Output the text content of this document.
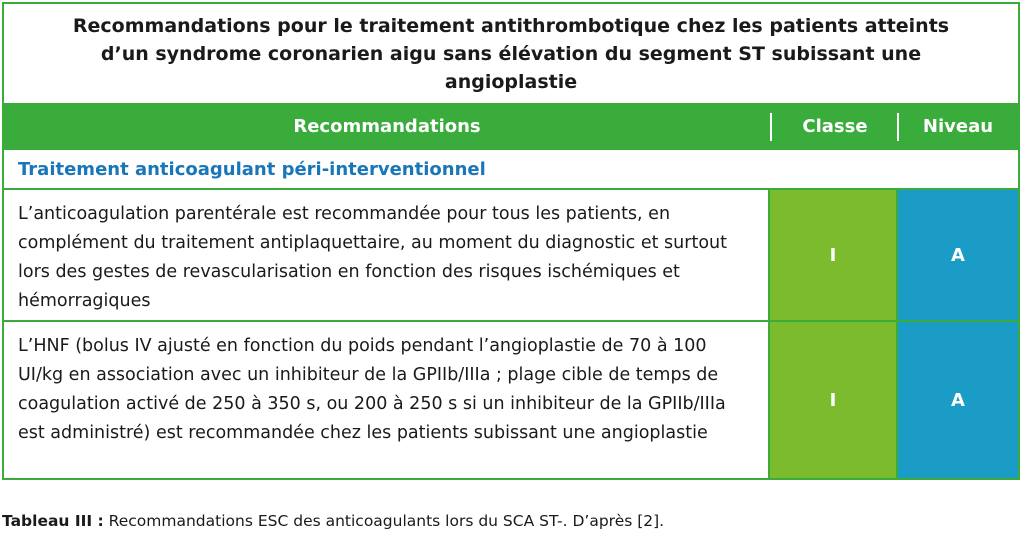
Recommandations pour le traitement antithrombotique chez les patients atteints d’un syndrome coronarien aigu sans élévation du segment ST subissant une angioplastie
Recommandations	Classe	Niveau
Traitement anticoagulant péri-interventionnel
L’anticoagulation parentérale est recommandée pour tous les patients, en complément du traitement antiplaquettaire, au moment du diagnostic et surtout lors des gestes de revascularisation en fonction des risques ischémiques et hémorragiques
I	A
L’HNF (bolus IV ajusté en fonction du poids pendant l’angioplastie de 70 à 100 UI/kg en association avec un inhibiteur de la GPIIb/IIIa ; plage cible de temps de coagulation activé de 250 à 350 s, ou 200 à 250 s si un inhibiteur de la GPIIb/IIIa est administré) est recommandée chez les patients subissant une angioplastie
I	A
Tableau III : Recommandations ESC des anticoagulants lors du SCA ST-. D’après [2].
